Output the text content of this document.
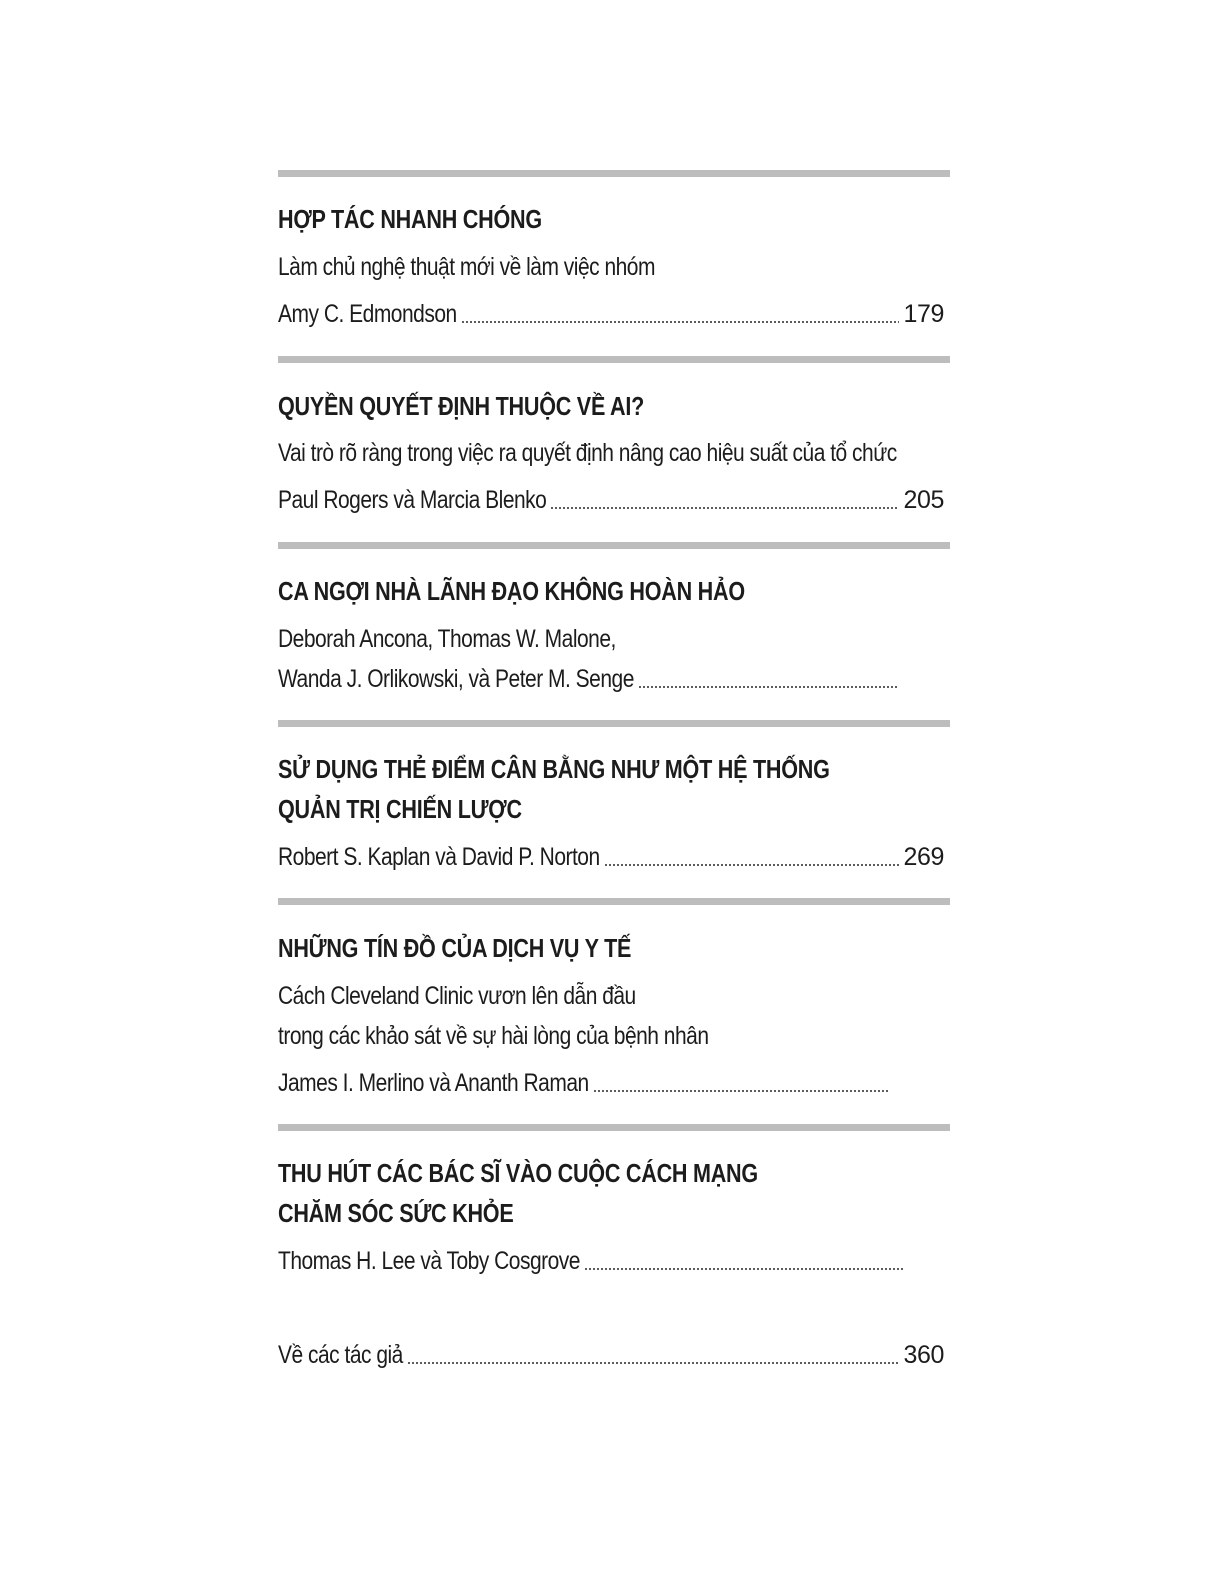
HỢP TÁC NHANH CHÓNG

Làm chủ nghệ thuật mới về làm việc nhóm

Amy C. Edmondson	179

QUYỀN QUYẾT ĐỊNH THUỘC VỀ AI?

Vai trò rõ ràng trong việc ra quyết định nâng cao hiệu suất của tổ chức

Paul Rogers và Marcia Blenko	205

CA NGỢI NHÀ LÃNH ĐẠO KHÔNG HOÀN HẢO

Deborah Ancona, Thomas W. Malone,

Wanda J. Orlikowski, và Peter M. Senge

SỬ DỤNG THẺ ĐIỂM CÂN BẰNG NHƯ MỘT HỆ THỐNG

QUẢN TRỊ CHIẾN LƯỢC

Robert S. Kaplan và David P. Norton	269

NHỮNG TÍN ĐỒ CỦA DỊCH VỤ Y TẾ

Cách Cleveland Clinic vươn lên dẫn đầu

trong các khảo sát về sự hài lòng của bệnh nhân

James I. Merlino và Ananth Raman

THU HÚT CÁC BÁC SĨ VÀO CUỘC CÁCH MẠNG

CHĂM SÓC SỨC KHỎE

Thomas H. Lee và Toby Cosgrove
Về các tác giả	360
